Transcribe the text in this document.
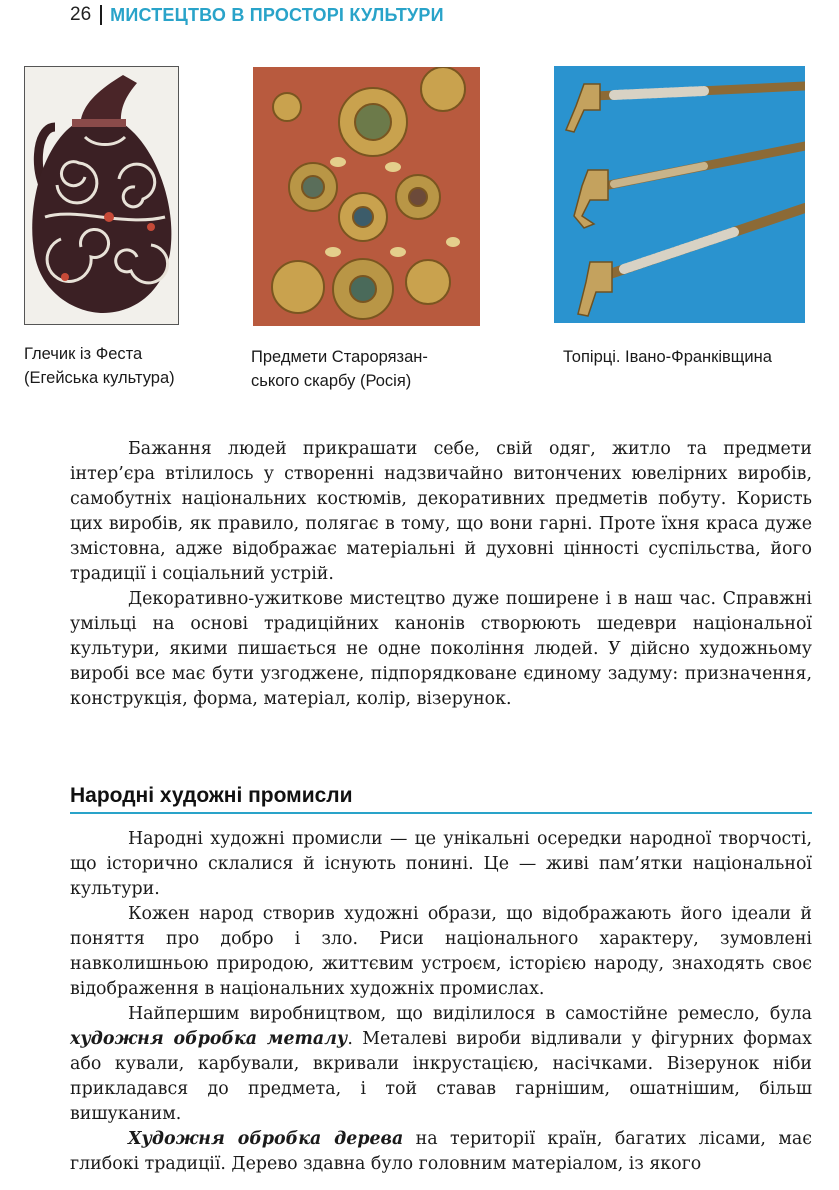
26 МИСТЕЦТВО В ПРОСТОРІ КУЛЬТУРИ
Глечик із Феста
(Егейська культура)
Предмети Старорязан-
ського скарбу (Росія)
Топірці. Івано-Франківщина

Бажання людей прикрашати себе, свій одяг, житло та предмети інтер’єра втілилось у створенні надзвичайно витончених ювелірних виробів, самобутніх національних костюмів, декоративних предметів побуту. Користь цих виробів, як правило, полягає в тому, що вони гарні. Проте їхня краса дуже змістовна, адже відображає матеріальні й духовні цінності суспільства, його традиції і соціальний устрій.

Декоративно-ужиткове мистецтво дуже поширене і в наш час. Справжні умільці на основі традиційних канонів створюють шедеври національної культури, якими пишається не одне покоління людей. У дійсно художньому виробі все має бути узгоджене, підпорядковане єдиному задуму: призначення, конструкція, форма, матеріал, колір, візерунок.

Народні художні промисли

Народні художні промисли — це унікальні осередки народної творчості, що історично склалися й існують понині. Це — живі пам’ятки національної культури.

Кожен народ створив художні образи, що відображають його ідеали й поняття про добро і зло. Риси національного характеру, зумовлені навколишньою природою, життєвим устроєм, історією народу, знаходять своє відображення в національних художніх промислах.

Найпершим виробництвом, що виділилося в самостійне ремесло, була художня обробка металу. Металеві вироби відливали у фігурних формах або кували, карбували, вкривали інкрустацією, насічками. Візерунок ніби прикладався до предмета, і той ставав гарнішим, ошатнішим, більш вишуканим.

Художня обробка дерева на території країн, багатих лісами, має глибокі традиції. Дерево здавна було головним матеріалом, із якого
